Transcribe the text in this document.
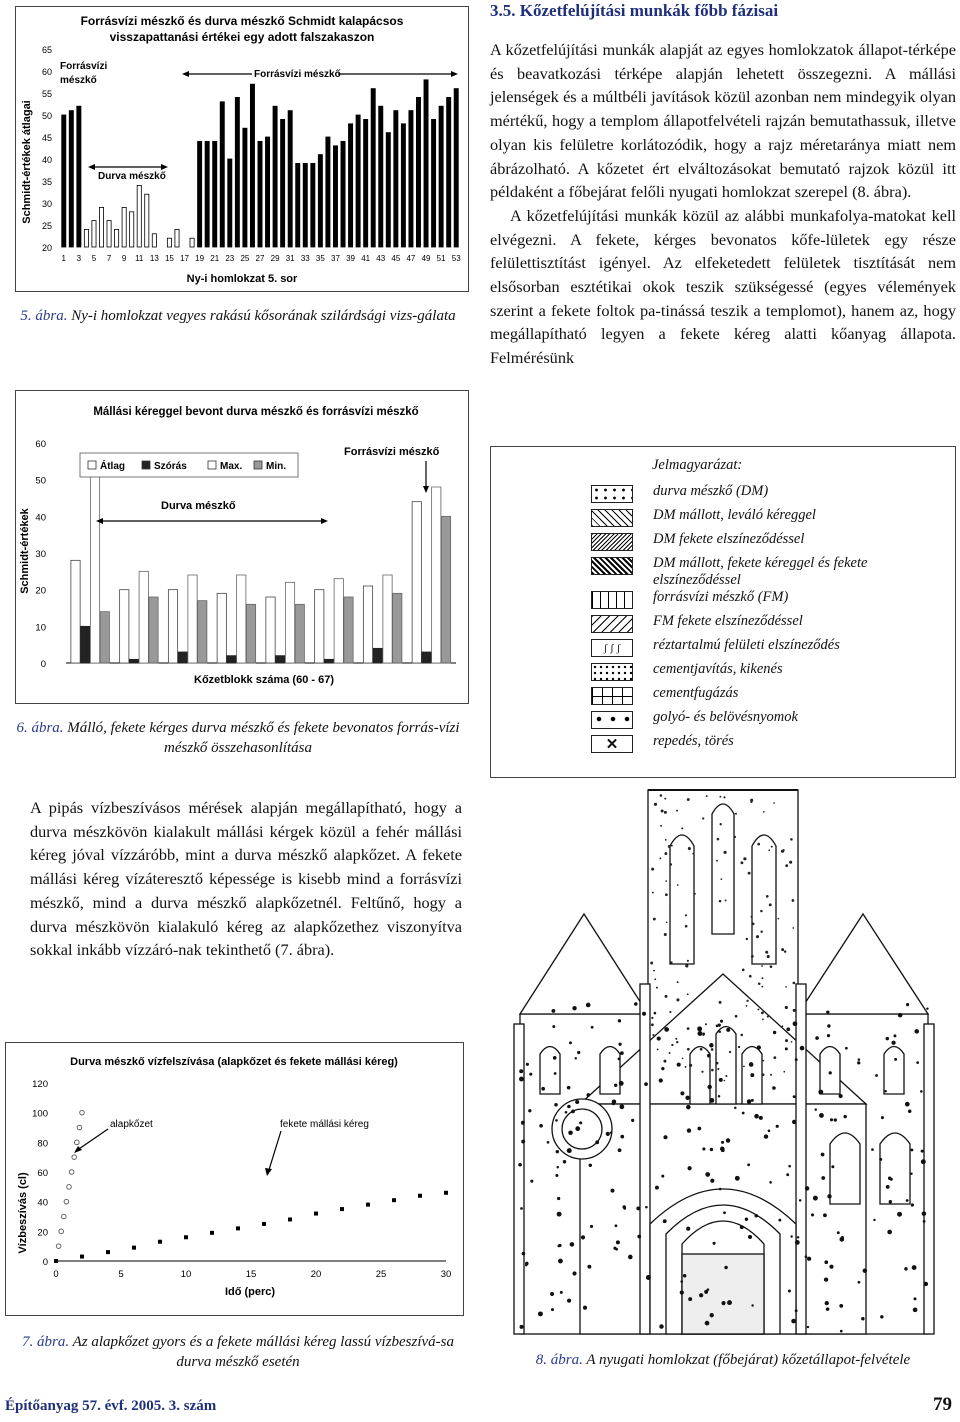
Forrásvízi mészkő és durva mészkő Schmidt kalapácsos
visszapattanási értékei egy adott falszakaszon
Schmidt-értékek átlagai
Ny-i homlokzat 5. sor
65
60
55
50
45
40
35
30
25
20
1 3 5 7 9 11 13 15 17 19 21 23 25 27 29 31 33 35 37 39 41 43 45 47 49 51 53
Forrásvízi
mészkő
Forrásvízi mészkő
Durva mészkő
5. ábra. Ny-i homlokzat vegyes rakású kősorának szilárdsági vizs-gálata
3.5. Kőzetfelújítási munkák főbb fázisai

A kőzetfelújítási munkák alapját az egyes homlokzatok állapot-térképe és beavatkozási térképe alapján lehetett összegezni. A mállási jelenségek és a múltbéli javítások közül azonban nem mindegyik olyan mértékű, hogy a templom állapotfelvételi rajzán bemutathassuk, illetve olyan kis felületre korlátozódik, hogy a rajz méretaránya miatt nem ábrázolható. A kőzetet ért elváltozásokat bemutató rajzok közül itt példaként a főbejárat felőli nyugati homlokzat szerepel (8. ábra).

A kőzetfelújítási munkák közül az alábbi munkafolya-matokat kell elvégezni. A fekete, kérges bevonatos kőfe-lületek egy része felülettisztítást igényel. Az elfeketedett felületek tisztítását nem elsősorban esztétikai okok teszik szükségessé (egyes vélemények szerint a fekete foltok pa-tinássá teszik a templomot), hanem az, hogy megállapítható legyen a fekete kéreg alatti kőanyag állapota. Felmérésünk

Mállási kéreggel bevont durva mészkő és forrásvízi mészkő
Schmidt-értékek
Kőzetblokk száma (60 - 67)
60
50
40
30
20
10
0
Átlag	Szórás	Max. Min.
Durva mészkő
Forrásvízi mészkő
6. ábra. Málló, fekete kérges durva mészkő és fekete bevonatos forrás-vízi mészkő összehasonlítása
Jelmagyarázat:
durva mészkő (DM)
DM mállott, leváló kéreggel
DM fekete elszíneződéssel
DM mállott, fekete kéreggel és fekete elszíneződéssel
forrásvízi mészkő (FM)
FM fekete elszíneződéssel
ʃ ʃ ʃ	réztartalmú felületi elszíneződés
cementjavítás, kikenés
cementfugázás
golyó- és belövésnyomok
✕	repedés, törés

A pipás vízbeszívásos mérések alapján megállapítható, hogy a durva mészkövön kialakult mállási kérgek közül a fehér mállási kéreg jóval vízzáróbb, mint a durva mészkő alapkőzet. A fekete mállási kéreg vízáteresztő képessége is kisebb mind a forrásvízi mészkő, mind a durva mészkő alapkőzetnél. Feltűnő, hogy a durva mészkövön kialakuló kéreg az alapkőzethez viszonyítva sokkal inkább vízzáró-nak tekinthető (7. ábra).

Durva mészkő vízfelszívása (alapkőzet és fekete mállási kéreg)
Vízbeszívás (cl)
Idő (perc)
120
100
80
60
40
20
0
0	5	10	15	20	25	30
alapkőzet	fekete mállási kéreg
7. ábra. Az alapkőzet gyors és a fekete mállási kéreg lassú vízbeszívá-sa durva mészkő esetén	8. ábra. A nyugati homlokzat (főbejárat) kőzetállapot-felvétele
Építőanyag 57. évf. 2005. 3. szám	79
